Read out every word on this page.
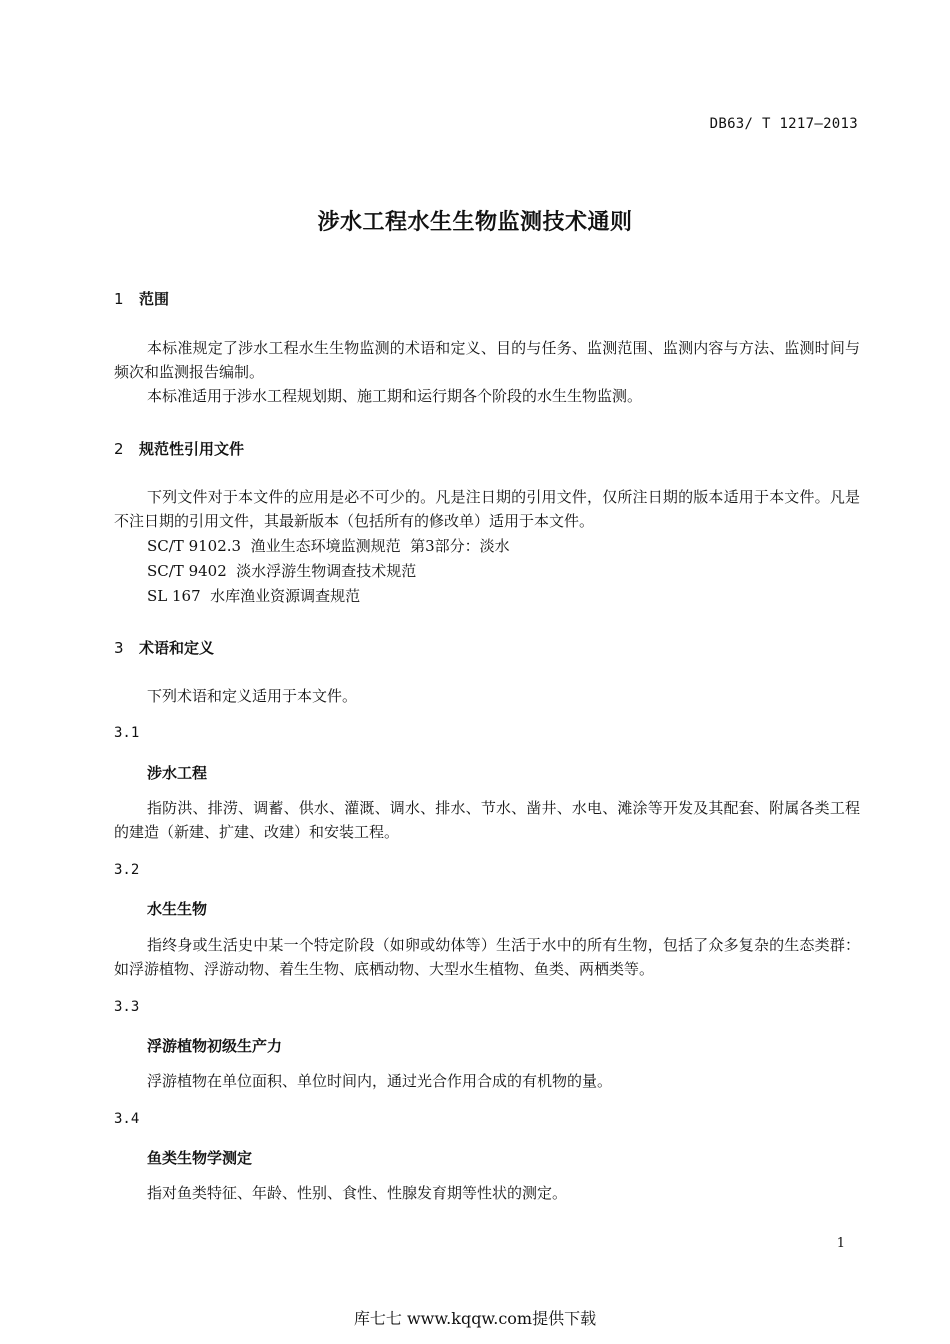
DB63/ T 1217—2013
涉水工程水生生物监测技术通则
1 范围
本标准规定了涉水工程水生生物监测的术语和定义、目的与任务、监测范围、监测内容与方法、监测时间与频次和监测报告编制。
本标准适用于涉水工程规划期、施工期和运行期各个阶段的水生生物监测。
2 规范性引用文件
下列文件对于本文件的应用是必不可少的。凡是注日期的引用文件，仅所注日期的版本适用于本文件。凡是不注日期的引用文件，其最新版本（包括所有的修改单）适用于本文件。
SC/T 9102.3  渔业生态环境监测规范  第3部分：淡水
SC/T 9402  淡水浮游生物调查技术规范
SL 167  水库渔业资源调查规范
3 术语和定义
下列术语和定义适用于本文件。
3.1
涉水工程
指防洪、排涝、调蓄、供水、灌溉、调水、排水、节水、凿井、水电、滩涂等开发及其配套、附属各类工程的建造（新建、扩建、改建）和安装工程。
3.2
水生生物
指终身或生活史中某一个特定阶段（如卵或幼体等）生活于水中的所有生物，包括了众多复杂的生态类群：如浮游植物、浮游动物、着生生物、底栖动物、大型水生植物、鱼类、两栖类等。
3.3
浮游植物初级生产力
浮游植物在单位面积、单位时间内，通过光合作用合成的有机物的量。
3.4
鱼类生物学测定
指对鱼类特征、年龄、性别、食性、性腺发育期等性状的测定。
1
库七七 www.kqqw.com提供下载
